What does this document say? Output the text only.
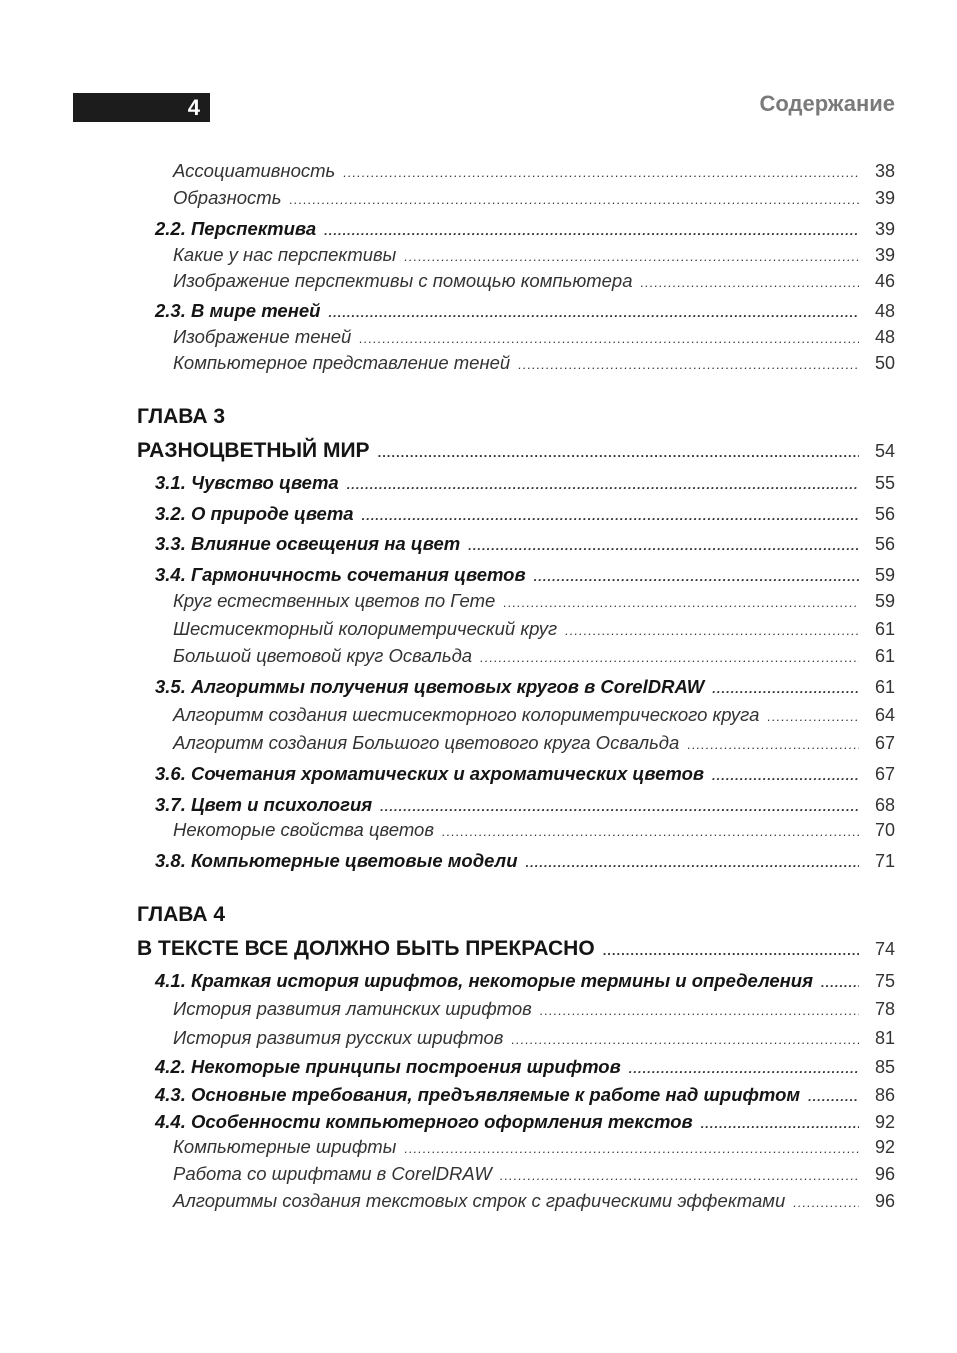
4	Содержание
Ассоциативность .....	38
Образность .....	39
2.2. Перспектива .....	39
Какие у нас перспективы .....	39
Изображение перспективы с помощью компьютера .....	46
2.3. В мире теней .....	48
Изображение теней .....	48
Компьютерное представление теней .....	50
ГЛАВА 3
РАЗНОЦВЕТНЫЙ МИР .....	54
3.1. Чувство цвета .....	55
3.2. О природе цвета .....	56
3.3. Влияние освещения на цвет .....	56
3.4. Гармоничность сочетания цветов .....	59
Круг естественных цветов по Гете .....	59
Шестисекторный колориметрический круг .....	61
Большой цветовой круг Освальда .....	61
3.5. Алгоритмы получения цветовых кругов в CorelDRAW .....	61
Алгоритм создания шестисекторного колориметрического круга .....	64
Алгоритм создания Большого цветового круга Освальда .....	67
3.6. Сочетания хроматических и ахроматических цветов .....	67
3.7. Цвет и психология .....	68
Некоторые свойства цветов .....	70
3.8. Компьютерные цветовые модели .....	71
ГЛАВА 4
В ТЕКСТЕ ВСЕ ДОЛЖНО БЫТЬ ПРЕКРАСНО .....	74
4.1. Краткая история шрифтов, некоторые термины и определения .....	75
История развития латинских шрифтов .....	78
История развития русских шрифтов .....	81
4.2. Некоторые принципы построения шрифтов .....	85
4.3. Основные требования, предъявляемые к работе над шрифтом .....	86
4.4. Особенности компьютерного оформления текстов .....	92
Компьютерные шрифты .....	92
Работа со шрифтами в CorelDRAW .....	96
Алгоритмы создания текстовых строк с графическими эффектами .....	96
